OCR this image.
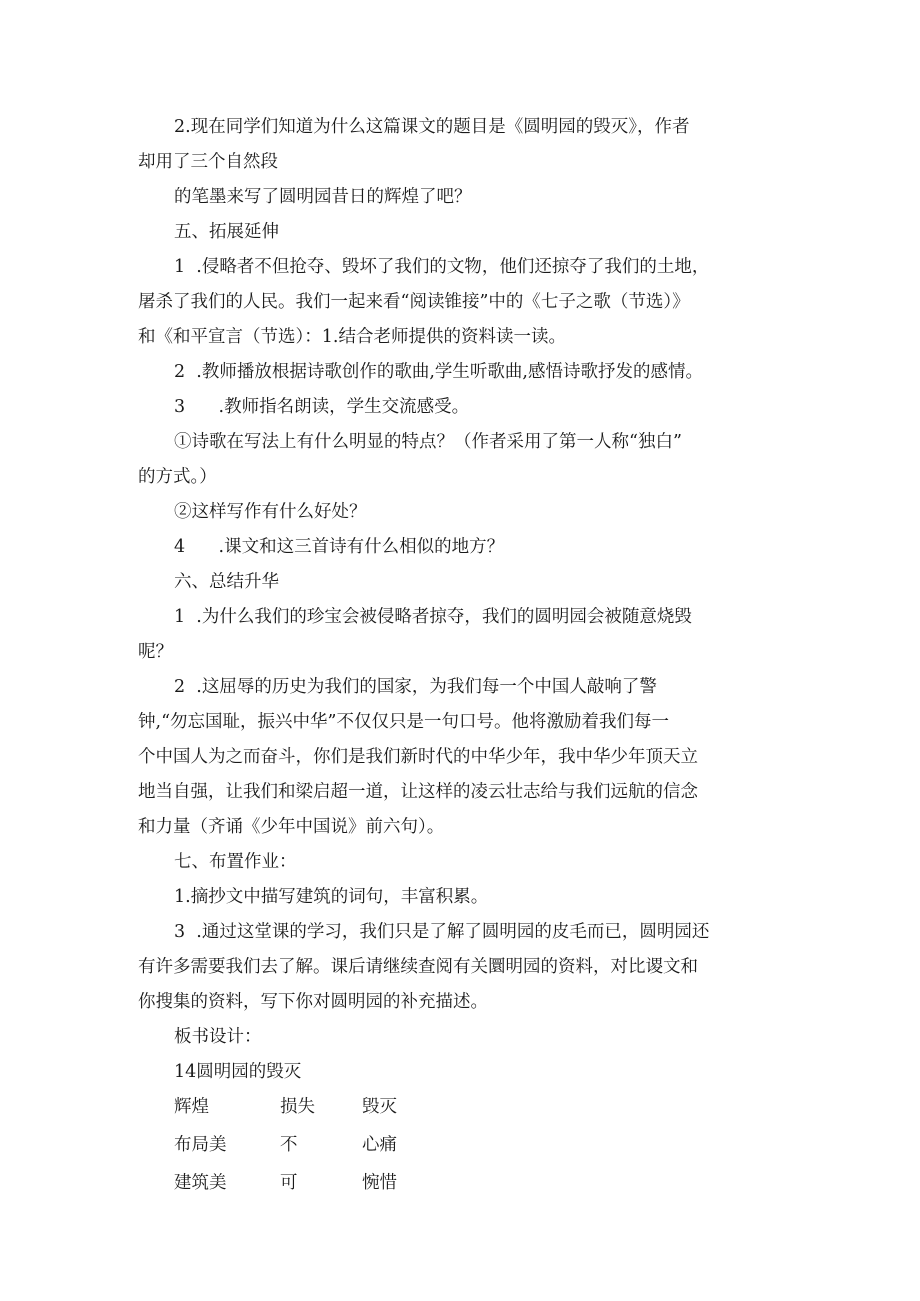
2.现在同学们知道为什么这篇课文的题目是《圆明园的毁灭》，作者

却用了三个自然段

的笔墨来写了圆明园昔日的辉煌了吧？

五、拓展延伸

1  .侵略者不但抢夺、毁坏了我们的文物，他们还掠夺了我们的土地，

屠杀了我们的人民。我们一起来看“阅读锥接”中的《七子之歌（节选）》

和《和平宣言（节选）：1.结合老师提供的资料读一读。

2  .教师播放根据诗歌创作的歌曲,学生听歌曲,感悟诗歌抒发的感情。

3      .教师指名朗读，学生交流感受。

①诗歌在写法上有什么明显的特点？（作者采用了第一人称“独白”

的方式。）

②这样写作有什么好处？

4      .课文和这三首诗有什么相似的地方？

六、总结升华

1  .为什么我们的珍宝会被侵略者掠夺，我们的圆明园会被随意烧毁

呢？

2  .这屈辱的历史为我们的国家，为我们每一个中国人敲响了警

钟,“勿忘国耻，振兴中华”不仅仅只是一句口号。他将激励着我们每一

个中国人为之而奋斗，你们是我们新时代的中华少年，我中华少年顶天立

地当自强，让我们和梁启超一道，让这样的凌云壮志给与我们远航的信念

和力量（齐诵《少年中国说》前六句）。

七、布置作业：

1.摘抄文中描写建筑的词句，丰富积累。

3  .通过这堂课的学习，我们只是了解了圆明园的皮毛而已，圆明园还

有许多需要我们去了解。课后请继续查阅有关圜明园的资料，对比谡文和

你搜集的资料，写下你对圆明园的补充描述。

板书设计：

14圆明园的毁灭

辉煌	损失	毁灭
布局美	不	心痛
建筑美	可	惋惜
